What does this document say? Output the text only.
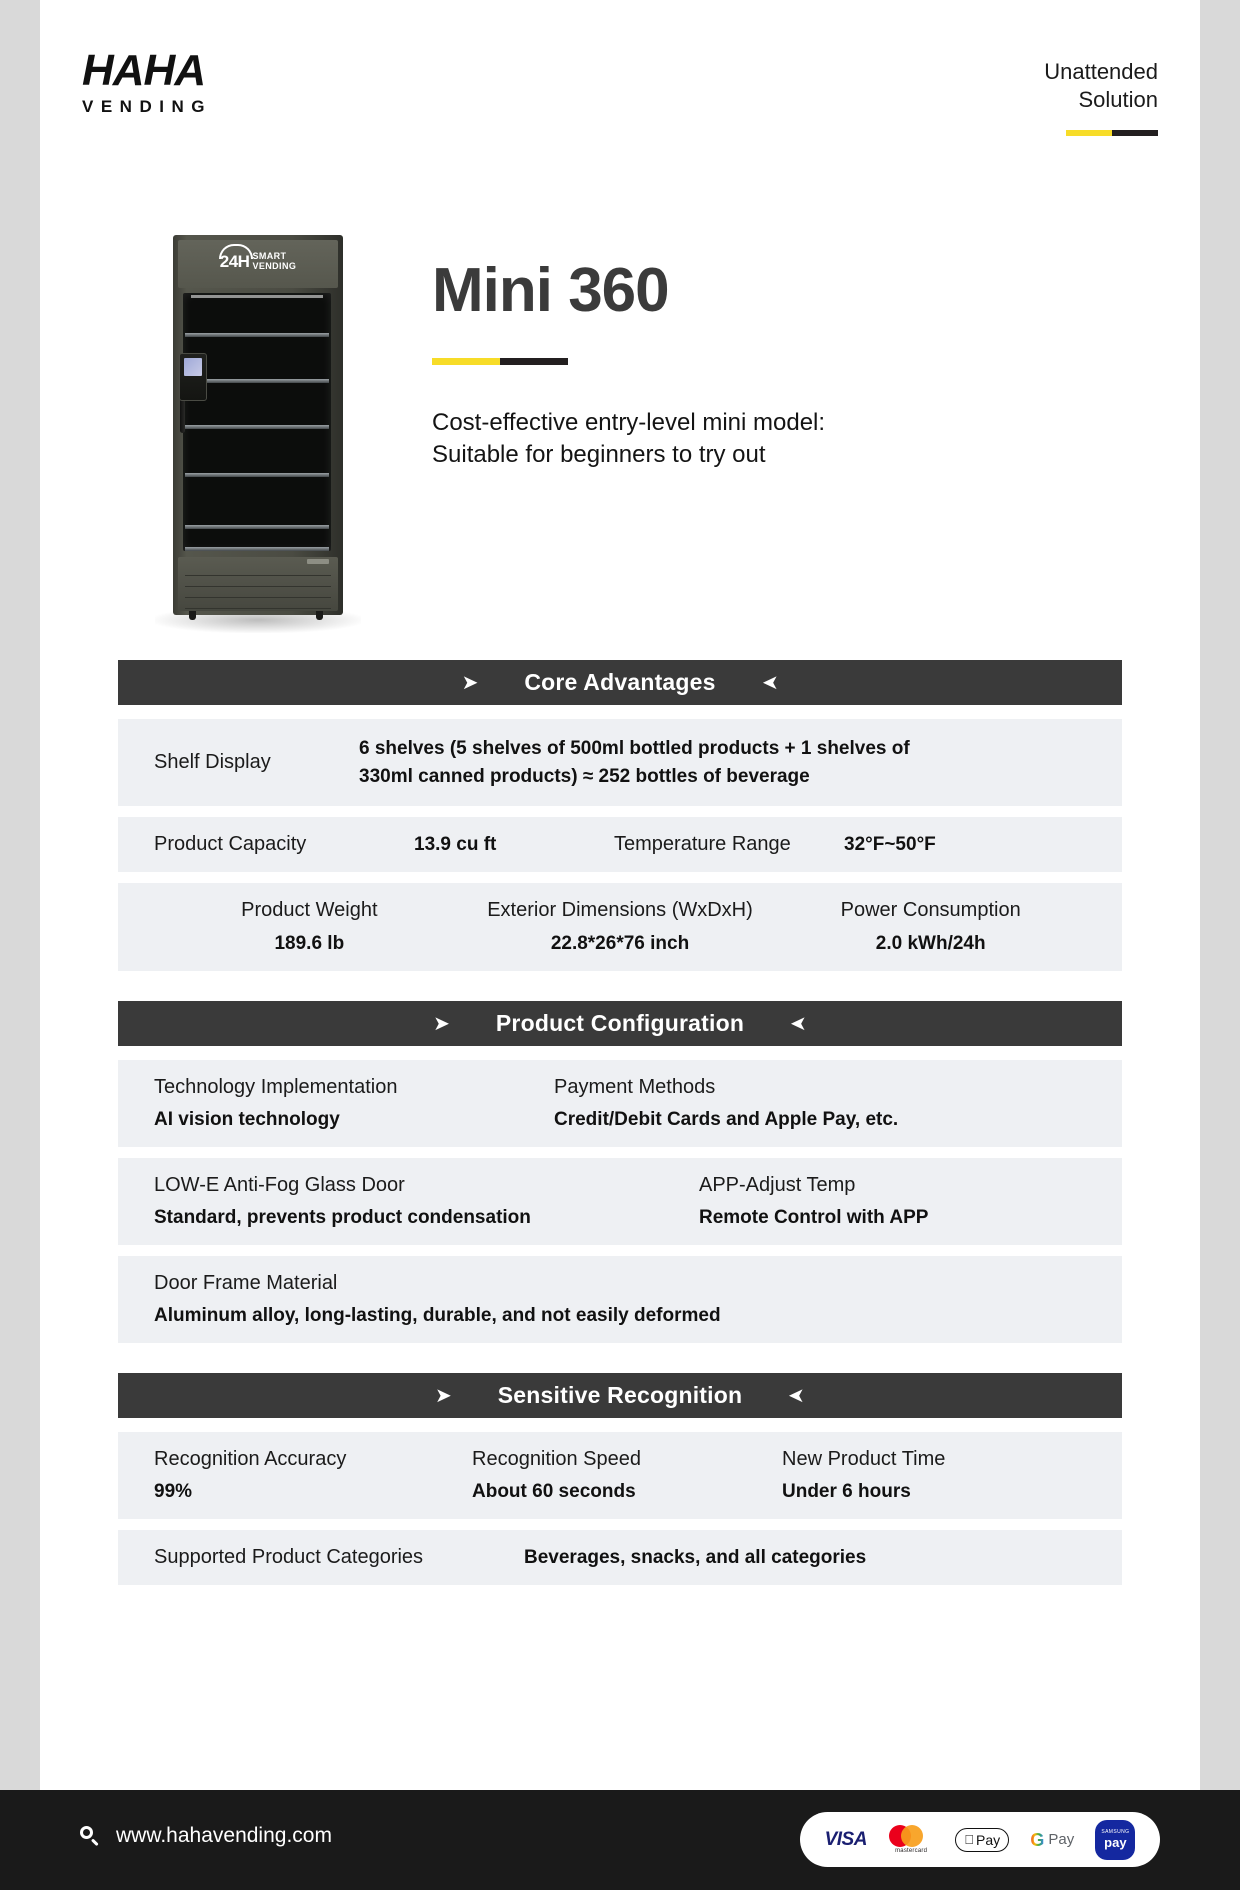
HAHA
VENDING
Unattended
Solution
24H SMART
VENDING Mini 360
Cost-effective entry-level mini model:
Suitable for beginners to try out
➤ Core Advantages ➤
Shelf Display
6 shelves (5 shelves of 500ml bottled products + 1 shelves of
330ml canned products) ≈ 252 bottles of beverage
Product Capacity	13.9 cu ft	Temperature Range	32°F~50°F
Product Weight
189.6 lb
Exterior Dimensions (WxDxH)
22.8*26*76 inch
Power Consumption
2.0 kWh/24h
➤ Product Configuration ➤
Technology Implementation
AI vision technology
Payment Methods
Credit/Debit Cards and Apple Pay, etc.
LOW-E Anti-Fog Glass Door
Standard, prevents product condensation
APP-Adjust Temp
Remote Control with APP
Door Frame Material
Aluminum alloy, long-lasting, durable, and not easily deformed
➤ Sensitive Recognition ➤
Recognition Accuracy
99%
Recognition Speed
About 60 seconds
New Product Time
Under 6 hours
Supported Product Categories	Beverages, snacks, and all categories
www.hahavending.com	VISA
mastercard
Pay G Pay	SAMSUNG
pay
